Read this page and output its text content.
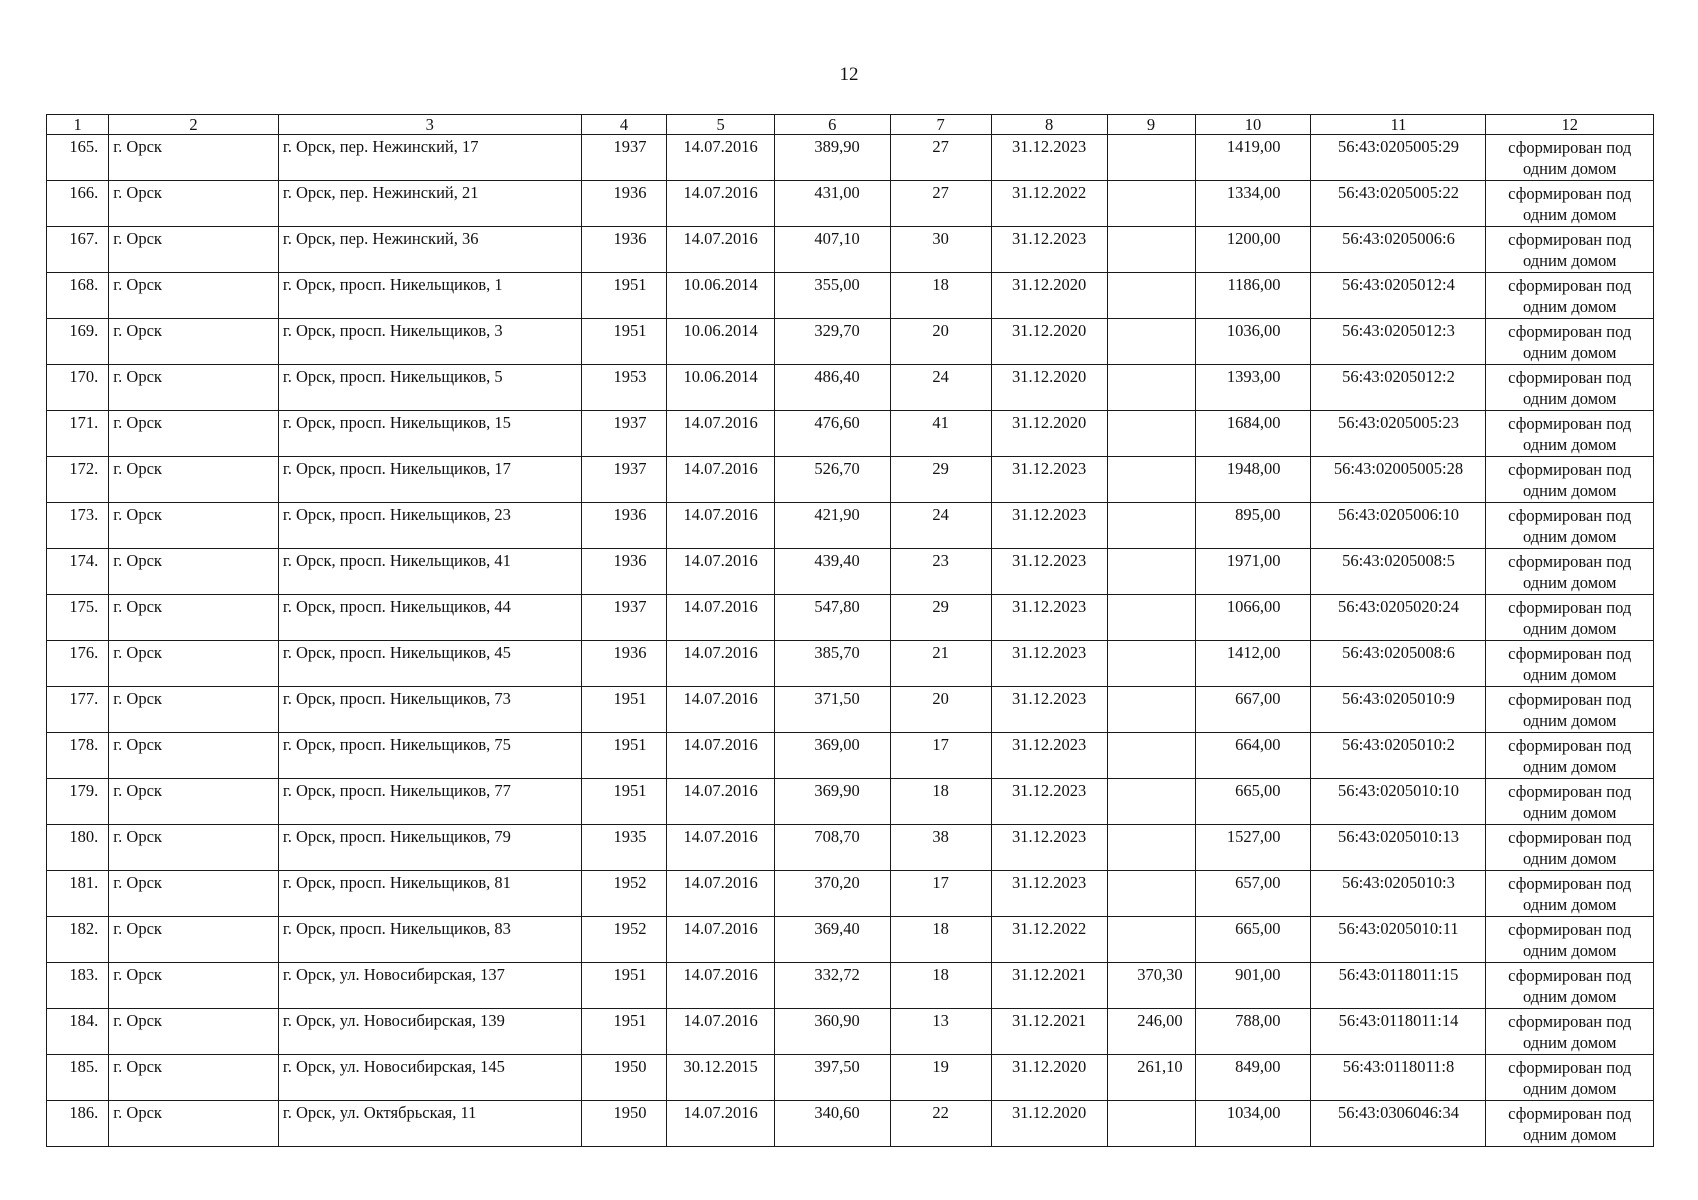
12
1	2	3	4	5	6	7	8	9	10	11	12
165.	г. Орск	г. Орск, пер. Нежинский, 17	1937	14.07.2016	389,90	27	31.12.2023		1419,00	56:43:0205005:29	сформирован под одним домом
166.	г. Орск	г. Орск, пер. Нежинский, 21	1936	14.07.2016	431,00	27	31.12.2022		1334,00	56:43:0205005:22	сформирован под одним домом
167.	г. Орск	г. Орск, пер. Нежинский, 36	1936	14.07.2016	407,10	30	31.12.2023		1200,00	56:43:0205006:6	сформирован под одним домом
168.	г. Орск	г. Орск, просп. Никельщиков, 1	1951	10.06.2014	355,00	18	31.12.2020		1186,00	56:43:0205012:4	сформирован под одним домом
169.	г. Орск	г. Орск, просп. Никельщиков, 3	1951	10.06.2014	329,70	20	31.12.2020		1036,00	56:43:0205012:3	сформирован под одним домом
170.	г. Орск	г. Орск, просп. Никельщиков, 5	1953	10.06.2014	486,40	24	31.12.2020		1393,00	56:43:0205012:2	сформирован под одним домом
171.	г. Орск	г. Орск, просп. Никельщиков, 15	1937	14.07.2016	476,60	41	31.12.2020		1684,00	56:43:0205005:23	сформирован под одним домом
172.	г. Орск	г. Орск, просп. Никельщиков, 17	1937	14.07.2016	526,70	29	31.12.2023		1948,00	56:43:02005005:28	сформирован под одним домом
173.	г. Орск	г. Орск, просп. Никельщиков, 23	1936	14.07.2016	421,90	24	31.12.2023		895,00	56:43:0205006:10	сформирован под одним домом
174.	г. Орск	г. Орск, просп. Никельщиков, 41	1936	14.07.2016	439,40	23	31.12.2023		1971,00	56:43:0205008:5	сформирован под одним домом
175.	г. Орск	г. Орск, просп. Никельщиков, 44	1937	14.07.2016	547,80	29	31.12.2023		1066,00	56:43:0205020:24	сформирован под одним домом
176.	г. Орск	г. Орск, просп. Никельщиков, 45	1936	14.07.2016	385,70	21	31.12.2023		1412,00	56:43:0205008:6	сформирован под одним домом
177.	г. Орск	г. Орск, просп. Никельщиков, 73	1951	14.07.2016	371,50	20	31.12.2023		667,00	56:43:0205010:9	сформирован под одним домом
178.	г. Орск	г. Орск, просп. Никельщиков, 75	1951	14.07.2016	369,00	17	31.12.2023		664,00	56:43:0205010:2	сформирован под одним домом
179.	г. Орск	г. Орск, просп. Никельщиков, 77	1951	14.07.2016	369,90	18	31.12.2023		665,00	56:43:0205010:10	сформирован под одним домом
180.	г. Орск	г. Орск, просп. Никельщиков, 79	1935	14.07.2016	708,70	38	31.12.2023		1527,00	56:43:0205010:13	сформирован под одним домом
181.	г. Орск	г. Орск, просп. Никельщиков, 81	1952	14.07.2016	370,20	17	31.12.2023		657,00	56:43:0205010:3	сформирован под одним домом
182.	г. Орск	г. Орск, просп. Никельщиков, 83	1952	14.07.2016	369,40	18	31.12.2022		665,00	56:43:0205010:11	сформирован под одним домом
183.	г. Орск	г. Орск, ул. Новосибирская, 137	1951	14.07.2016	332,72	18	31.12.2021	370,30	901,00	56:43:0118011:15	сформирован под одним домом
184.	г. Орск	г. Орск, ул. Новосибирская, 139	1951	14.07.2016	360,90	13	31.12.2021	246,00	788,00	56:43:0118011:14	сформирован под одним домом
185.	г. Орск	г. Орск, ул. Новосибирская, 145	1950	30.12.2015	397,50	19	31.12.2020	261,10	849,00	56:43:0118011:8	сформирован под одним домом
186.	г. Орск	г. Орск, ул. Октябрьская, 11	1950	14.07.2016	340,60	22	31.12.2020		1034,00	56:43:0306046:34	сформирован под одним домом
